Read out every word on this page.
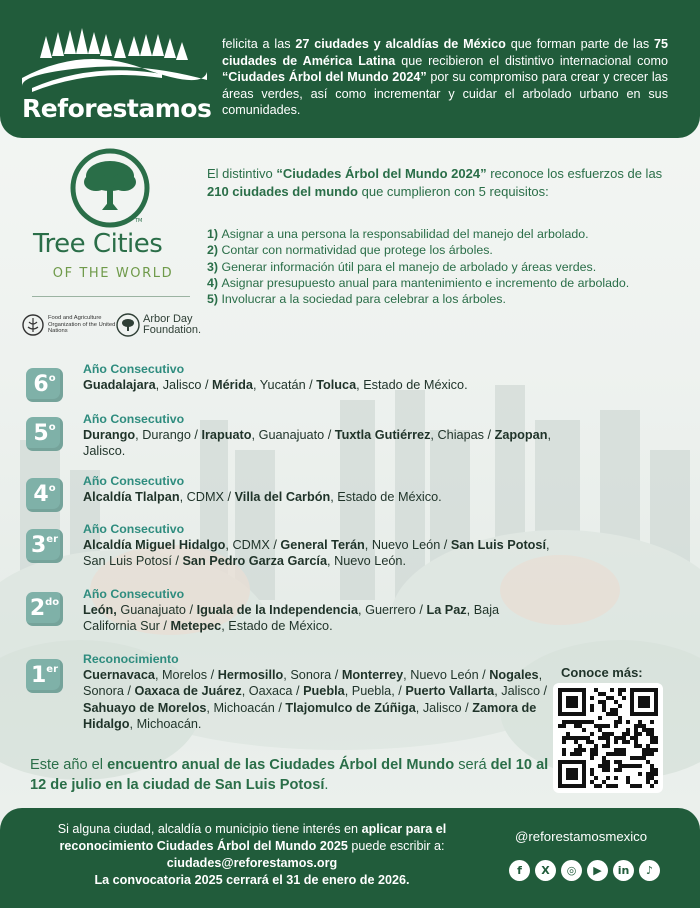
Reforestamos

felicita a las 27 ciudades y alcaldías de México que forman parte de las 75 ciudades de América Latina que recibieron el distintivo internacional como “Ciudades Árbol del Mundo 2024” por su compromiso para crear y crecer las áreas verdes, así como incrementar y cuidar el arbolado urbano en sus comunidades.

TM
Tree Cities
OF THE WORLD
Food and Agriculture Organization of the United Nations
Arbor Day Foundation.

El distintivo “Ciudades Árbol del Mundo 2024” reconoce los esfuerzos de las 210 ciudades del mundo que cumplieron con 5 requisitos:

1) Asignar a una persona la responsabilidad del manejo del arbolado.
2) Contar con normatividad que protege los árboles.
3) Generar información útil para el manejo de arbolado y áreas verdes.
4) Asignar presupuesto anual para mantenimiento e incremento de arbolado.
5) Involucrar a la sociedad para celebrar a los árboles.
6 o
Año Consecutivo
Guadalajara, Jalisco / Mérida, Yucatán / Toluca, Estado de México.
5 o
Año Consecutivo
Durango, Durango / Irapuato, Guanajuato / Tuxtla Gutiérrez, Chiapas / Zapopan, Jalisco.
4 o
Año Consecutivo
Alcaldía Tlalpan, CDMX / Villa del Carbón, Estado de México.
3 er
Año Consecutivo
Alcaldía Miguel Hidalgo, CDMX / General Terán, Nuevo León / San Luis Potosí, San Luis Potosí / San Pedro Garza García, Nuevo León.
2 do
Año Consecutivo
León, Guanajuato / Iguala de la Independencia, Guerrero / La Paz, Baja California Sur / Metepec, Estado de México.
1 er
Reconocimiento
Cuernavaca, Morelos / Hermosillo, Sonora / Monterrey, Nuevo León / Nogales, Sonora / Oaxaca de Juárez, Oaxaca / Puebla, Puebla, / Puerto Vallarta, Jalisco / Sahuayo de Morelos, Michoacán / Tlajomulco de Zúñiga, Jalisco / Zamora de Hidalgo, Michoacán.
Conoce más:

Este año el encuentro anual de las Ciudades Árbol del Mundo será del 10 al 12 de julio en la ciudad de San Luis Potosí.

Si alguna ciudad, alcaldía o municipio tiene interés en aplicar para el reconocimiento Ciudades Árbol del Mundo 2025 puede escribir a:
ciudades@reforestamos.org
La convocatoria 2025 cerrará el 31 de enero de 2026.
@reforestamosmexico
f	X	◎	▶	in	♪
